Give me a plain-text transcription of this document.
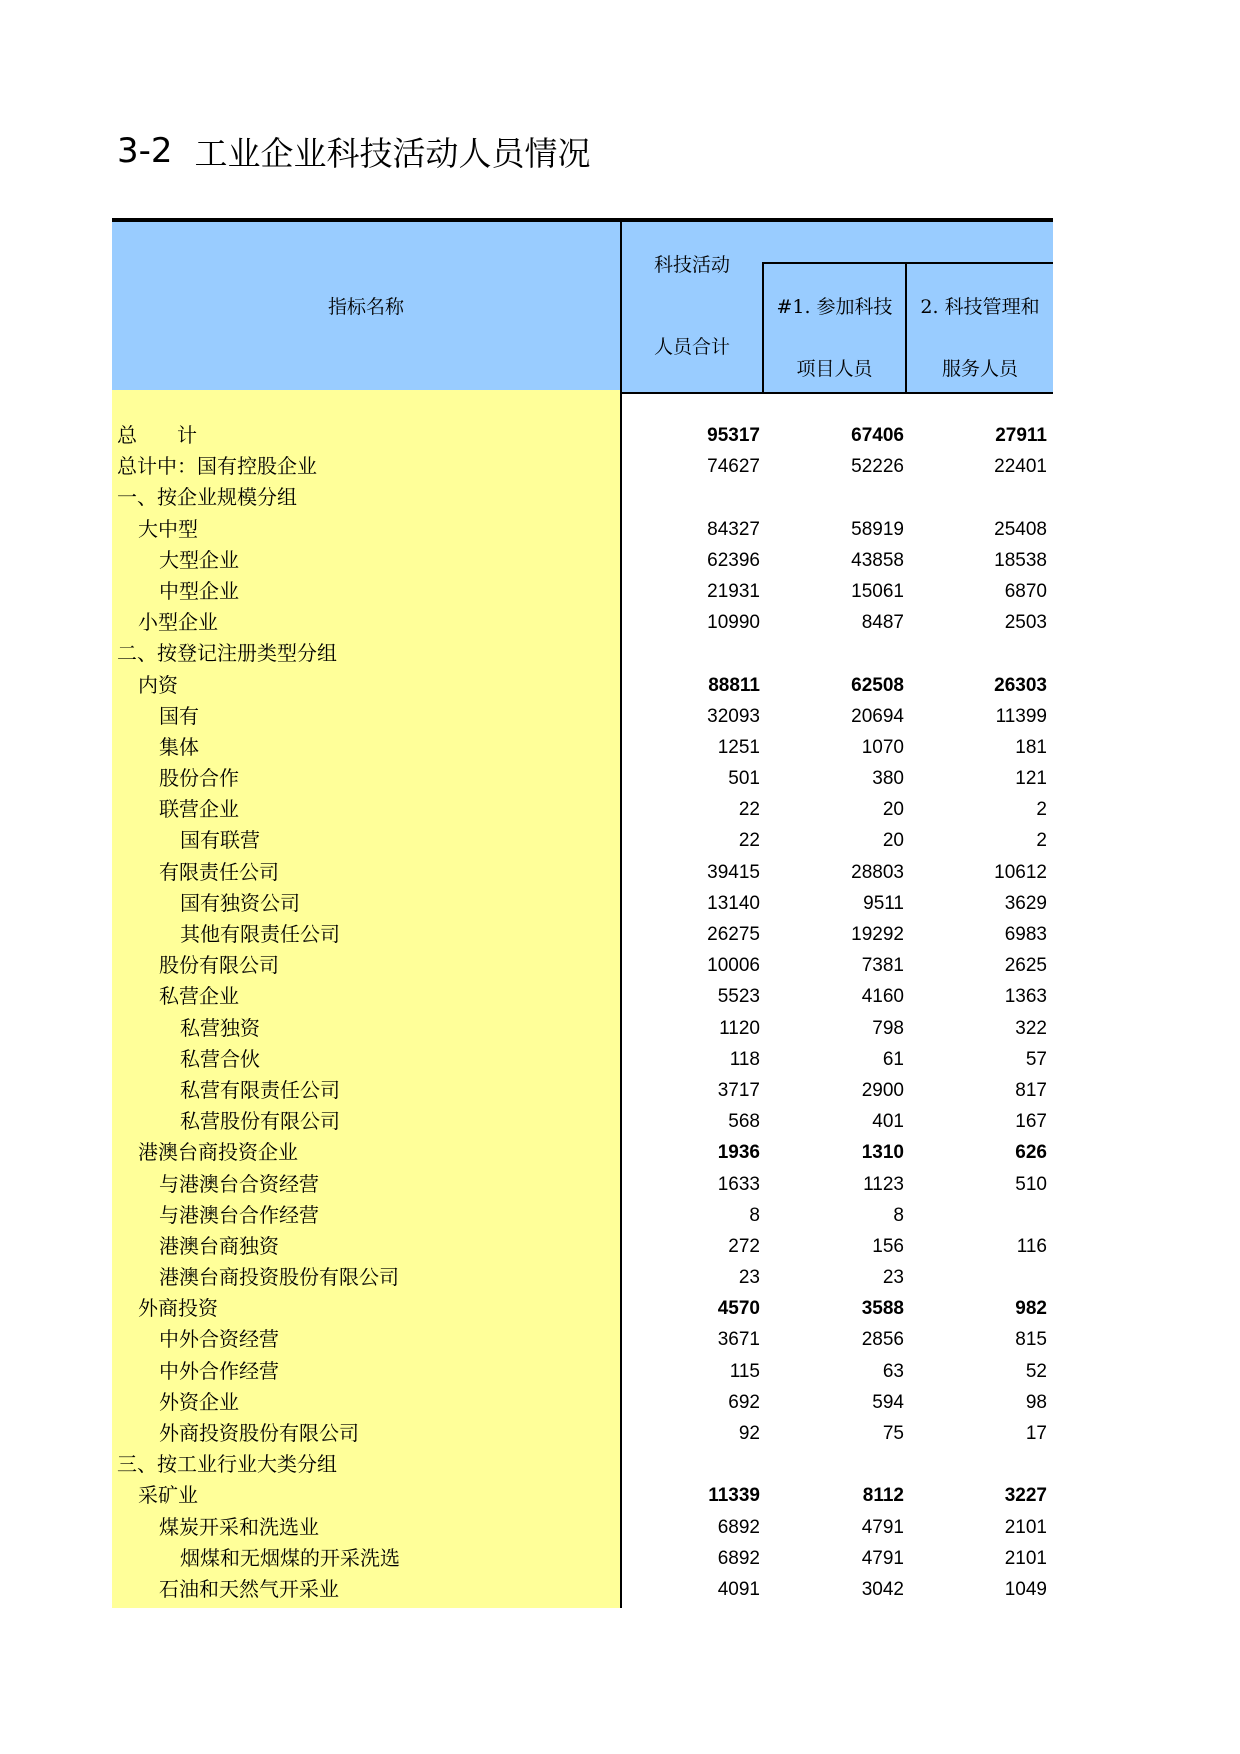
3-2 工业企业科技活动人员情况
指标名称
科技活动
人员合计
#1. 参加科技
项目人员
2. 科技管理和
服务人员
总　　计	95317	67406	27911
总计中：国有控股企业	74627	52226	22401
一、按企业规模分组
大中型	84327	58919	25408
大型企业	62396	43858	18538
中型企业	21931	15061	6870
小型企业	10990	8487	2503
二、按登记注册类型分组
内资	88811	62508	26303
国有	32093	20694	11399
集体	1251	1070	181
股份合作	501	380	121
联营企业	22	20	2
国有联营	22	20	2
有限责任公司	39415	28803	10612
国有独资公司	13140	9511	3629
其他有限责任公司	26275	19292	6983
股份有限公司	10006	7381	2625
私营企业	5523	4160	1363
私营独资	1120	798	322
私营合伙	118	61	57
私营有限责任公司	3717	2900	817
私营股份有限公司	568	401	167
港澳台商投资企业	1936	1310	626
与港澳台合资经营	1633	1123	510
与港澳台合作经营	8	8
港澳台商独资	272	156	116
港澳台商投资股份有限公司	23	23
外商投资	4570	3588	982
中外合资经营	3671	2856	815
中外合作经营	115	63	52
外资企业	692	594	98
外商投资股份有限公司	92	75	17
三、按工业行业大类分组
采矿业	11339	8112	3227
煤炭开采和洗选业	6892	4791	2101
烟煤和无烟煤的开采洗选	6892	4791	2101
石油和天然气开采业	4091	3042	1049
